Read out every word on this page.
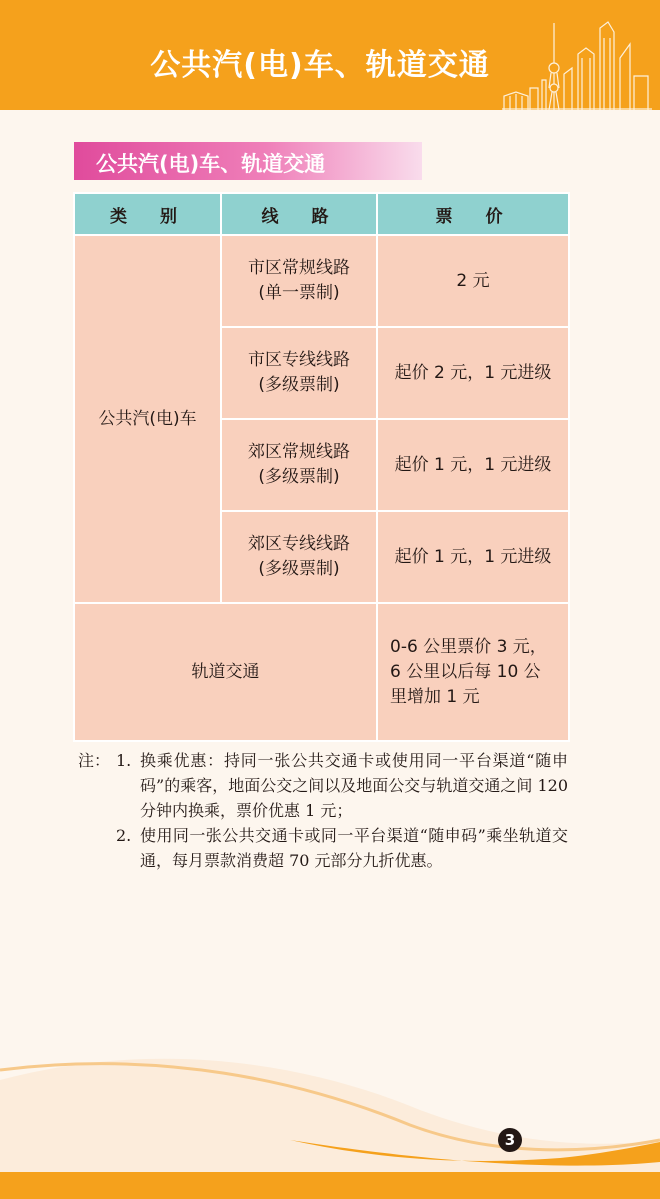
公共汽(电)车、轨道交通
公共汽(电)车、轨道交通
类　别	线　路	票　价
公共汽(电)车	市区常规线路
(单一票制)	2 元

	市区专线线路
(多级票制)	起价 2 元，1 元进级

	郊区常规线路
(多级票制)	起价 1 元，1 元进级

	郊区专线线路
(多级票制)	起价 1 元，1 元进级
轨道交通		0-6 公里票价 3 元，
6 公里以后每 10 公
里增加 1 元
注： 1. 换乘优惠：持同一张公共交通卡或使用同一平台渠道“随申码”的乘客，地面公交之间以及地面公交与轨道交通之间 120 分钟内换乘，票价优惠 1 元；
2. 使用同一张公共交通卡或同一平台渠道“随申码”乘坐轨道交通，每月票款消费超 70 元部分九折优惠。
3
